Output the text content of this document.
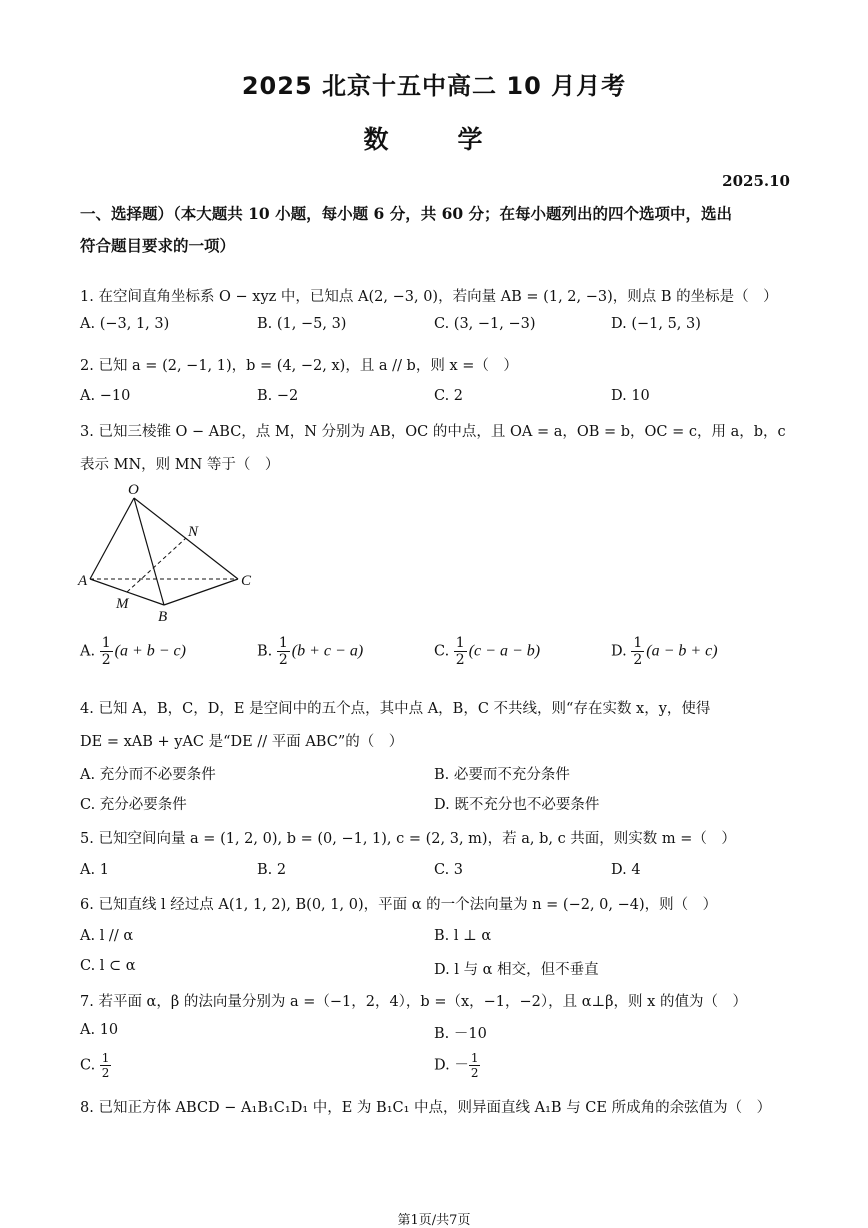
2025 北京十五中高二 10 月月考
数　学
2025.10
一、选择题）（本大题共 10 小题，每小题 6 分，共 60 分；在每小题列出的四个选项中，选出
符合题目要求的一项）
1. 在空间直角坐标系 O − xyz 中，已知点 A(2, −3, 0)，若向量 AB = (1, 2, −3)，则点 B 的坐标是（　）
A. (−3, 1, 3)	B. (1, −5, 3)	C. (3, −1, −3)	D. (−1, 5, 3)
2. 已知 a = (2, −1, 1)，b = (4, −2, x)，且 a // b，则 x =（　）
A. −10	B. −2	C. 2	D. 10
3. 已知三棱锥 O − ABC，点 M，N 分别为 AB，OC 的中点，且 OA = a，OB = b，OC = c，用 a，b，c
表示 MN，则 MN 等于（　）
O
N
A	C
M
B
A. $\frac{1}{2} (a + b - c)$	B. $\frac{1}{2} (b + c - a)$	C. $\frac{1}{2} (c - a - b)$	D. $\frac{1}{2} (a - b + c)$
4. 已知 A，B，C，D，E 是空间中的五个点，其中点 A，B，C 不共线，则“存在实数 x，y，使得
DE = xAB + yAC 是“DE // 平面 ABC”的（　）
A. 充分而不必要条件	B. 必要而不充分条件
C. 充分必要条件	D. 既不充分也不必要条件
5. 已知空间向量 a = (1, 2, 0), b = (0, −1, 1), c = (2, 3, m)，若 a, b, c 共面，则实数 m =（　）
A. 1	B. 2	C. 3	D. 4
6. 已知直线 l 经过点 A(1, 1, 2), B(0, 1, 0)，平面 α 的一个法向量为 n = (−2, 0, −4)，则（　）
A. l // α	B. l ⊥ α
C. l ⊂ α	D. l 与 α 相交，但不垂直
7. 若平面 α，β 的法向量分别为 a =（−1，2，4），b =（x，−1，−2），且 α⊥β，则 x 的值为（　）
A. 10	B. －10
C. $\frac{1}{2}$	D. － $\frac{1}{2}$
8. 已知正方体 ABCD − A₁B₁C₁D₁ 中，E 为 B₁C₁ 中点，则异面直线 A₁B 与 CE 所成角的余弦值为（　）
第1页/共7页
